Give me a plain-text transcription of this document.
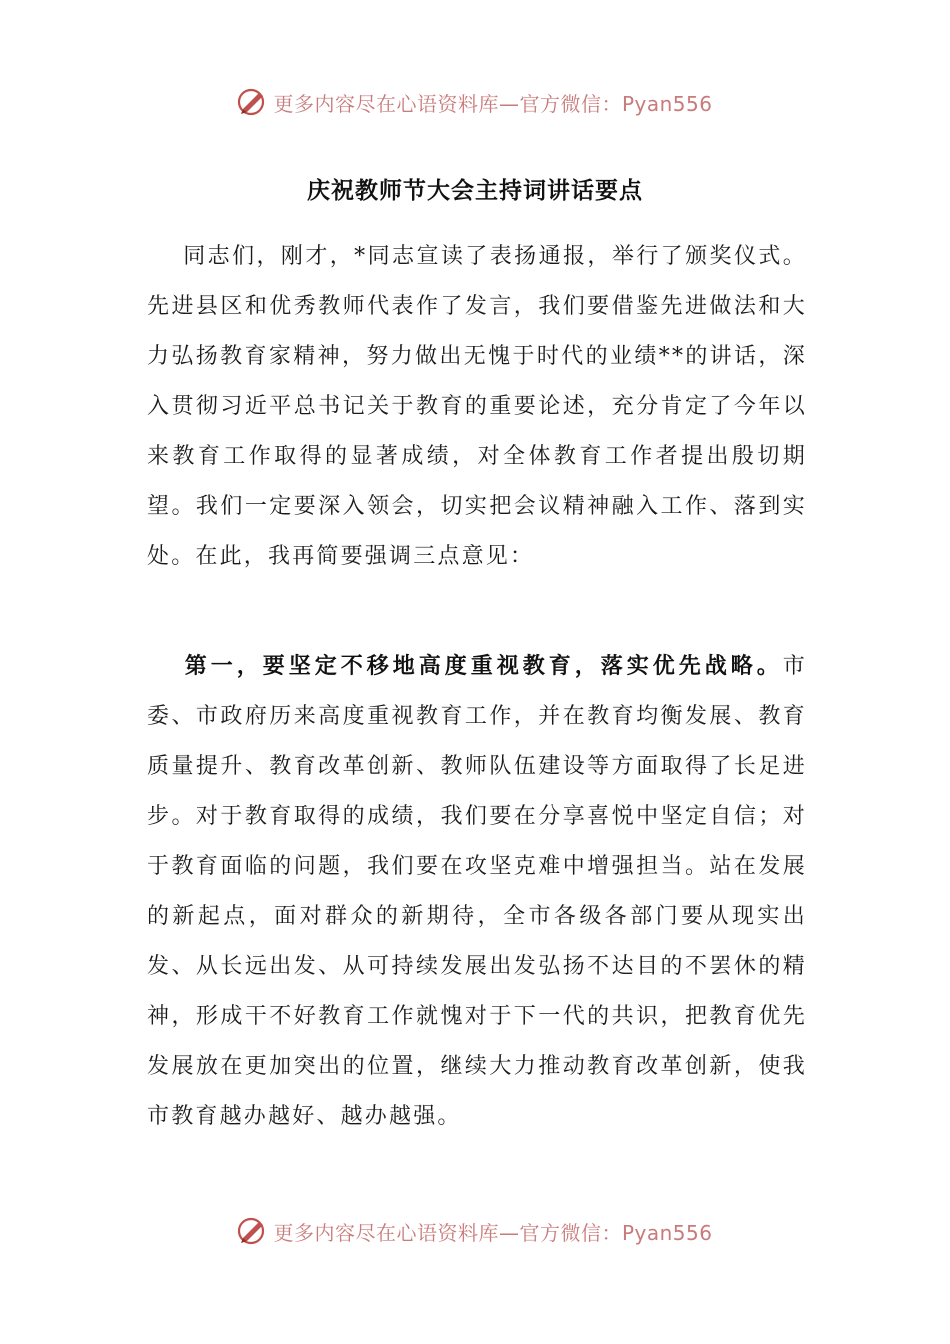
更多内容尽在心语资料库—官方微信：Pyan556
庆祝教师节大会主持词讲话要点
同志们，刚才，*同志宣读了表扬通报，举行了颁奖仪式。先进县区和优秀教师代表作了发言，我们要借鉴先进做法和大力弘扬教育家精神，努力做出无愧于时代的业绩**的讲话，深入贯彻习近平总书记关于教育的重要论述，充分肯定了今年以来教育工作取得的显著成绩，对全体教育工作者提出殷切期望。我们一定要深入领会，切实把会议精神融入工作、落到实处。在此，我再简要强调三点意见：
第一，要坚定不移地高度重视教育，落实优先战略。市委、市政府历来高度重视教育工作，并在教育均衡发展、教育质量提升、教育改革创新、教师队伍建设等方面取得了长足进步。对于教育取得的成绩，我们要在分享喜悦中坚定自信；对于教育面临的问题，我们要在攻坚克难中增强担当。站在发展的新起点，面对群众的新期待，全市各级各部门要从现实出发、从长远出发、从可持续发展出发弘扬不达目的不罢休的精神，形成干不好教育工作就愧对于下一代的共识，把教育优先发展放在更加突出的位置，继续大力推动教育改革创新，使我市教育越办越好、越办越强。
更多内容尽在心语资料库—官方微信：Pyan556
